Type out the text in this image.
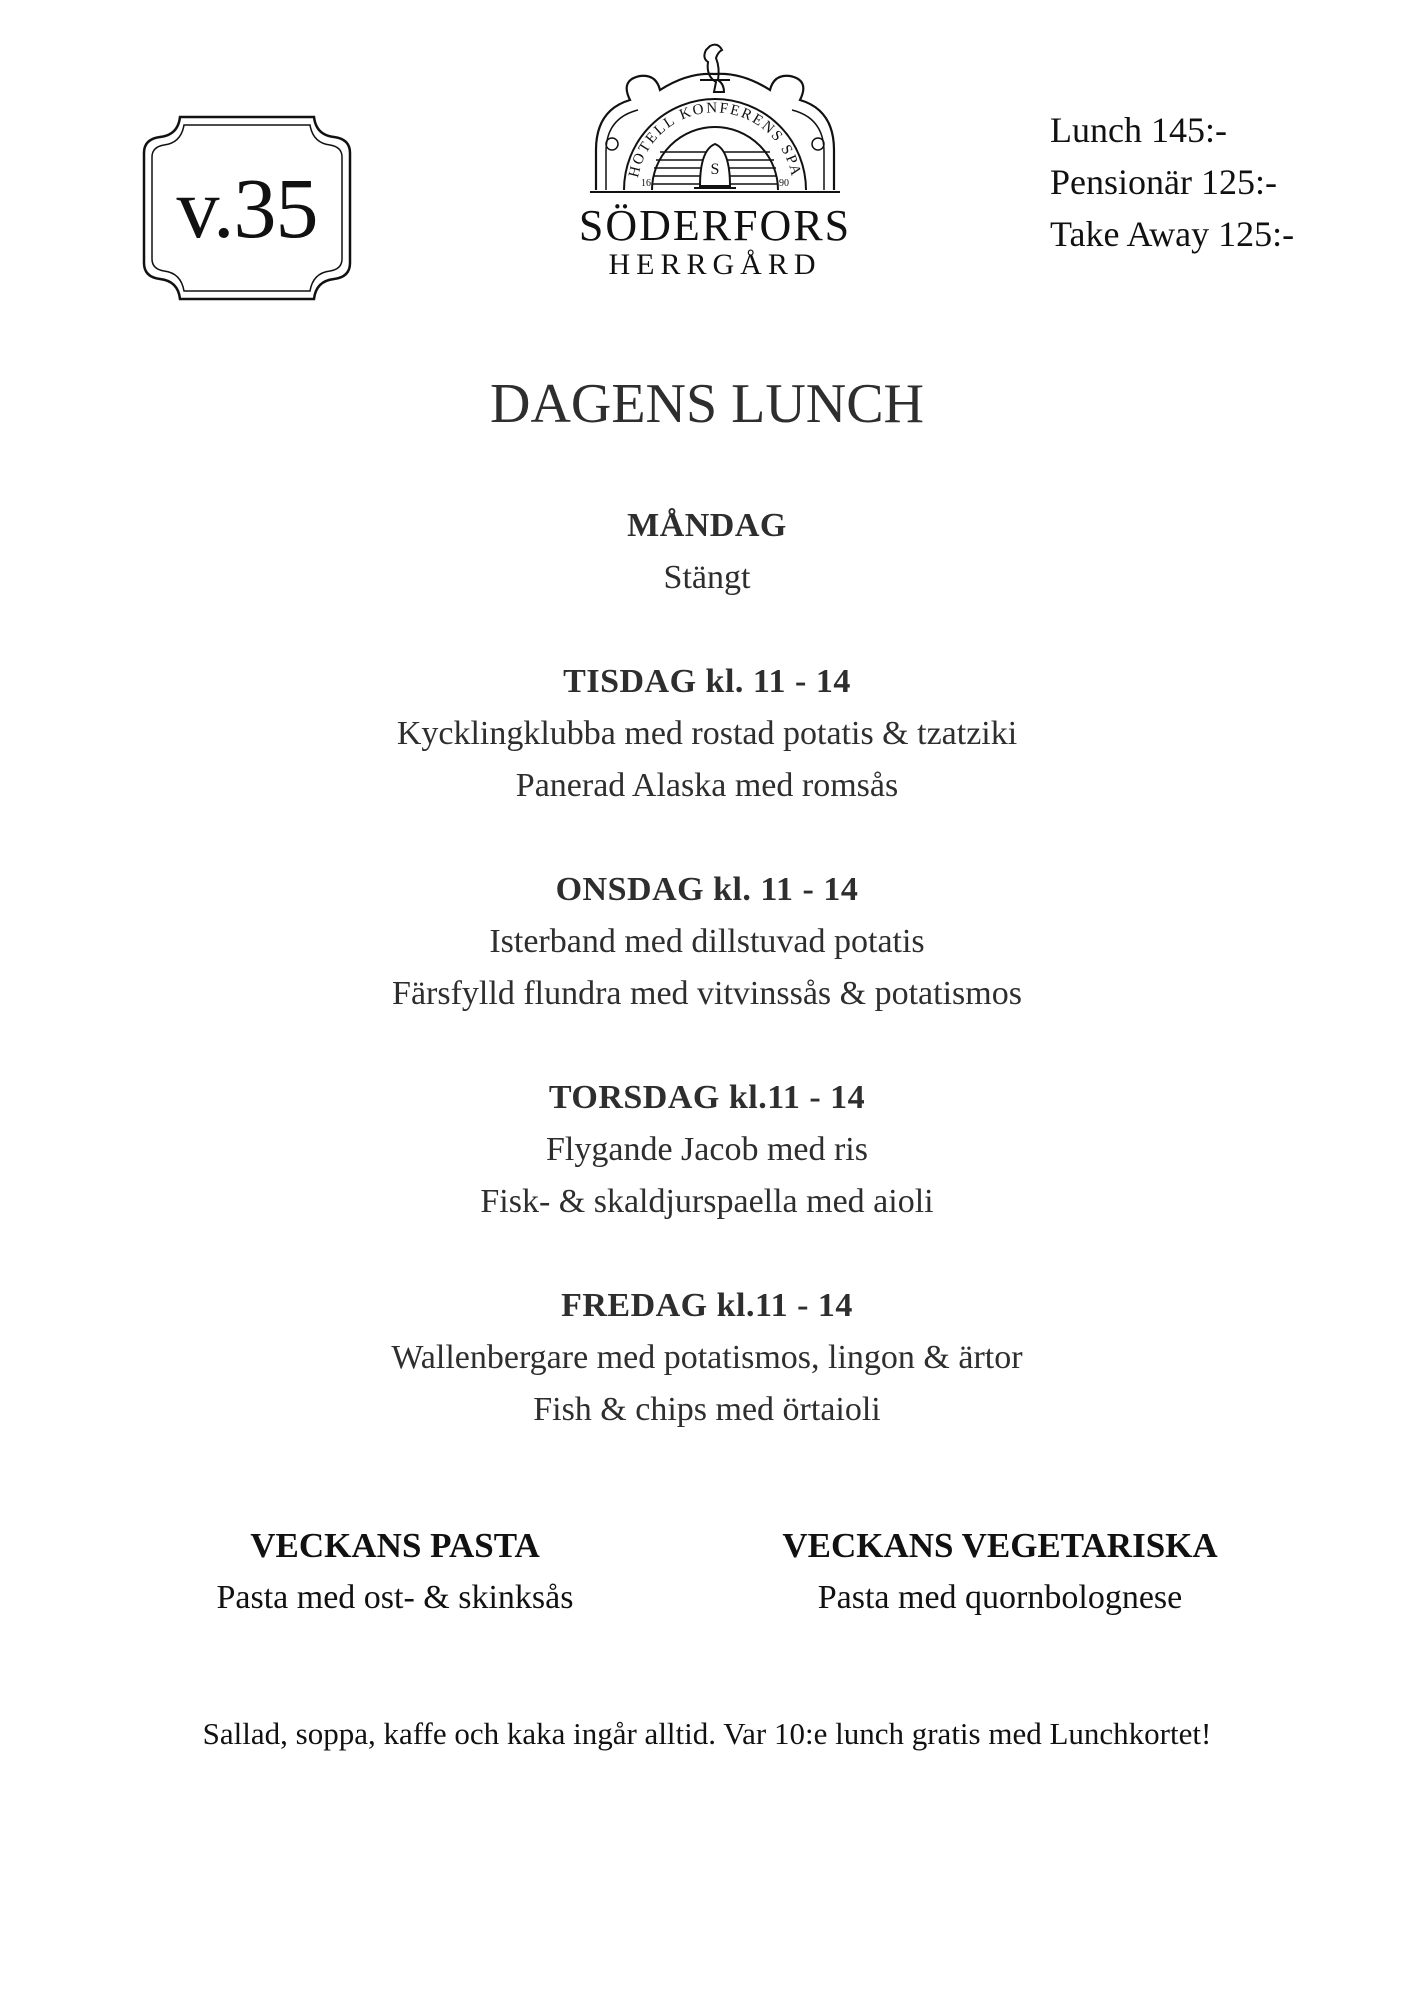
v.35	HOTELL KONFERENS SPA
S
16	90
SÖDERFORS
HERRGÅRD
Lunch 145:-
Pensionär 125:-
Take Away 125:-
DAGENS LUNCH
MÅNDAG
Stängt
TISDAG kl. 11 - 14
Kycklingklubba med rostad potatis & tzatziki
Panerad Alaska med romsås
ONSDAG kl. 11 - 14
Isterband med dillstuvad potatis
Färsfylld flundra med vitvinssås & potatismos
TORSDAG kl.11 - 14
Flygande Jacob med ris
Fisk- & skaldjurspaella med aioli
FREDAG kl.11 - 14
Wallenbergare med potatismos, lingon & ärtor
Fish & chips med örtaioli
VECKANS PASTA
Pasta med ost- & skinksås
VECKANS VEGETARISKA
Pasta med quornbolognese
Sallad, soppa, kaffe och kaka ingår alltid. Var 10:e lunch gratis med Lunchkortet!
